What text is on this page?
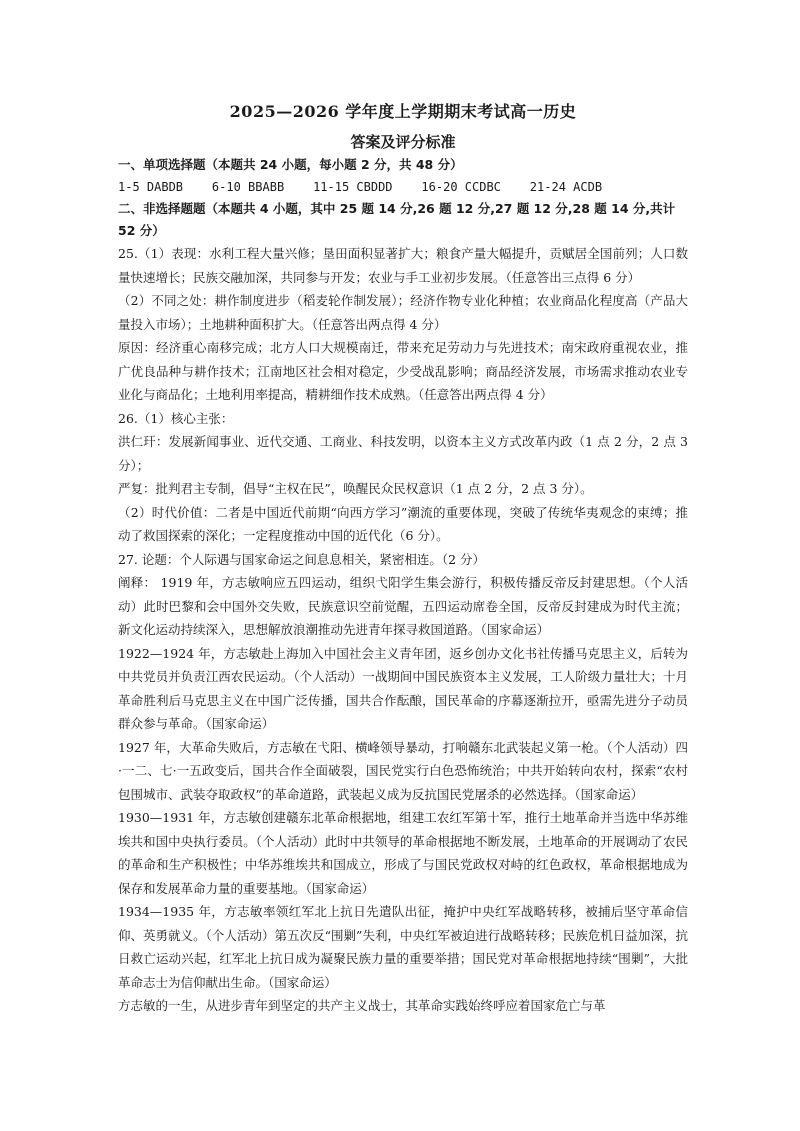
2025—2026 学年度上学期期末考试高一历史
答案及评分标准

一、单项选择题（本题共 24 小题，每小题 2 分，共 48 分）

1-5 DABDB    6-10 BBABB    11-15 CBDDD    16-20 CCDBC    21-24 ACDB

二、非选择题题（本题共 4 小题，其中 25 题 14 分,26 题 12 分,27 题 12 分,28 题 14 分,共计 52 分）

25.（1）表现：水利工程大量兴修；垦田面积显著扩大；粮食产量大幅提升，贡赋居全国前列；人口数量快速增长；民族交融加深，共同参与开发；农业与手工业初步发展。（任意答出三点得 6 分）

（2）不同之处：耕作制度进步（稻麦轮作制发展）；经济作物专业化种植；农业商品化程度高（产品大量投入市场）；土地耕种面积扩大。（任意答出两点得 4 分）

原因：经济重心南移完成；北方人口大规模南迁，带来充足劳动力与先进技术；南宋政府重视农业，推广优良品种与耕作技术；江南地区社会相对稳定，少受战乱影响；商品经济发展，市场需求推动农业专业化与商品化；土地利用率提高，精耕细作技术成熟。（任意答出两点得 4 分）

26.（1）核心主张：

洪仁玕：发展新闻事业、近代交通、工商业、科技发明，以资本主义方式改革内政（1 点 2 分，2 点 3 分）；

严复：批判君主专制，倡导“主权在民”，唤醒民众民权意识（1 点 2 分，2 点 3 分）。

（2）时代价值：二者是中国近代前期“向西方学习”潮流的重要体现，突破了传统华夷观念的束缚；推动了救国探索的深化；一定程度推动中国的近代化（6 分）。

27. 论题：个人际遇与国家命运之间息息相关，紧密相连。（2 分）

阐释： 1919 年，方志敏响应五四运动，组织弋阳学生集会游行，积极传播反帝反封建思想。（个人活动）此时巴黎和会中国外交失败，民族意识空前觉醒，五四运动席卷全国，反帝反封建成为时代主流；新文化运动持续深入，思想解放浪潮推动先进青年探寻救国道路。（国家命运）

1922—1924 年，方志敏赴上海加入中国社会主义青年团，返乡创办文化书社传播马克思主义，后转为中共党员并负责江西农民运动。（个人活动）一战期间中国民族资本主义发展，工人阶级力量壮大；十月革命胜利后马克思主义在中国广泛传播，国共合作酝酿，国民革命的序幕逐渐拉开，亟需先进分子动员群众参与革命。（国家命运）

1927 年，大革命失败后，方志敏在弋阳、横峰领导暴动，打响赣东北武装起义第一枪。（个人活动）四·一二、七·一五政变后，国共合作全面破裂，国民党实行白色恐怖统治；中共开始转向农村，探索“农村包围城市、武装夺取政权”的革命道路，武装起义成为反抗国民党屠杀的必然选择。（国家命运）

1930—1931 年，方志敏创建赣东北革命根据地，组建工农红军第十军，推行土地革命并当选中华苏维埃共和国中央执行委员。（个人活动）此时中共领导的革命根据地不断发展，土地革命的开展调动了农民的革命和生产积极性；中华苏维埃共和国成立，形成了与国民党政权对峙的红色政权，革命根据地成为保存和发展革命力量的重要基地。（国家命运）

1934—1935 年，方志敏率领红军北上抗日先遣队出征，掩护中央红军战略转移，被捕后坚守革命信仰、英勇就义。（个人活动）第五次反“围剿”失利，中央红军被迫进行战略转移；民族危机日益加深，抗日救亡运动兴起，红军北上抗日成为凝聚民族力量的重要举措；国民党对革命根据地持续“围剿”，大批革命志士为信仰献出生命。（国家命运）

方志敏的一生，从进步青年到坚定的共产主义战士，其革命实践始终呼应着国家危亡与革
